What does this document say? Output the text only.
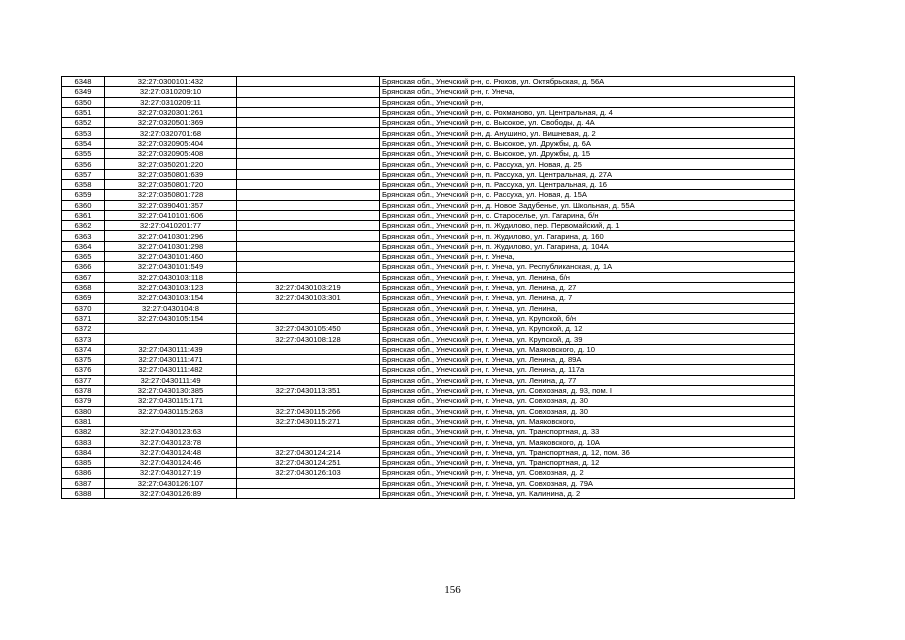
6348	32:27:0300101:432		Брянская обл., Унечский р-н, с. Рюхов, ул. Октябрьская, д. 56А
6349	32:27:0310209:10		Брянская обл., Унечский р-н, г. Унеча,
6350	32:27:0310209:11		Брянская обл., Унечский р-н,
6351	32:27:0320301:261		Брянская обл., Унечский р-н, с. Рохманово, ул. Центральная, д. 4
6352	32:27:0320501:369		Брянская обл., Унечский р-н, с. Высокое, ул. Свободы, д. 4А
6353	32:27:0320701:68		Брянская обл., Унечский р-н, д. Анушино, ул. Вишневая, д. 2
6354	32:27:0320905:404		Брянская обл., Унечский р-н, с. Высокое, ул. Дружбы, д. 6А
6355	32:27:0320905:408		Брянская обл., Унечский р-н, с. Высокое, ул. Дружбы, д. 15
6356	32:27:0350201:220		Брянская обл., Унечский р-н, с. Рассуха, ул. Новая, д. 25
6357	32:27:0350801:639		Брянская обл., Унечский р-н, п. Рассуха, ул. Центральная, д. 27А
6358	32:27:0350801:720		Брянская обл., Унечский р-н, п. Рассуха, ул. Центральная, д. 16
6359	32:27:0350801:728		Брянская обл., Унечский р-н, с. Рассуха, ул. Новая, д. 15А
6360	32:27:0390401:357		Брянская обл., Унечский р-н, д. Новое Задубенье, ул. Школьная, д. 55А
6361	32:27:0410101:606		Брянская обл., Унечский р-н, с. Староселье, ул. Гагарина, б/н
6362	32:27:0410201:77		Брянская обл., Унечский р-н, п. Жудилово, пер. Первомайский, д. 1
6363	32:27:0410301:296		Брянская обл., Унечский р-н, п. Жудилово, ул. Гагарина, д. 160
6364	32:27:0410301:298		Брянская обл., Унечский р-н, п. Жудилово, ул. Гагарина, д. 104А
6365	32:27:0430101:460		Брянская обл., Унечский р-н, г. Унеча,
6366	32:27:0430101:549		Брянская обл., Унечский р-н, г. Унеча, ул. Республиканская, д. 1А
6367	32:27:0430103:118		Брянская обл., Унечский р-н, г. Унеча, ул. Ленина, б/н
6368	32:27:0430103:123	32:27:0430103:219	Брянская обл., Унечский р-н, г. Унеча, ул. Ленина, д. 27
6369	32:27:0430103:154	32:27:0430103:301	Брянская обл., Унечский р-н, г. Унеча, ул. Ленина, д. 7
6370	32:27:0430104:8		Брянская обл., Унечский р-н, г. Унеча, ул. Ленина,
6371	32:27:0430105:154		Брянская обл., Унечский р-н, г. Унеча, ул. Крупской, б/н
6372		32:27:0430105:450	Брянская обл., Унечский р-н, г. Унеча, ул. Крупской, д. 12
6373		32:27:0430108:128	Брянская обл., Унечский р-н, г. Унеча, ул. Крупской, д. 39
6374	32:27:0430111:439		Брянская обл., Унечский р-н, г. Унеча, ул. Маяковского, д. 10
6375	32:27:0430111:471		Брянская обл., Унечский р-н, г. Унеча, ул. Ленина, д. 89А
6376	32:27:0430111:482		Брянская обл., Унечский р-н, г. Унеча, ул. Ленина, д. 117а
6377	32:27:0430111:49		Брянская обл., Унечский р-н, г. Унеча, ул. Ленина, д. 77
6378	32:27:0430130:385	32:27:0430113:351	Брянская обл., Унечский р-н, г. Унеча, ул. Совхозная, д. 93, пом. I
6379	32:27:0430115:171		Брянская обл., Унечский р-н, г. Унеча, ул. Совхозная, д. 30
6380	32:27:0430115:263	32:27:0430115:266	Брянская обл., Унечский р-н, г. Унеча, ул. Совхозная, д. 30
6381		32:27:0430115:271	Брянская обл., Унечский р-н, г. Унеча, ул. Маяковского,
6382	32:27:0430123:63		Брянская обл., Унечский р-н, г. Унеча, ул. Транспортная, д. 33
6383	32:27:0430123:78		Брянская обл., Унечский р-н, г. Унеча, ул. Маяковского, д. 10А
6384	32:27:0430124:48	32:27:0430124:214	Брянская обл., Унечский р-н, г. Унеча, ул. Транспортная, д. 12, пом. 36
6385	32:27:0430124:46	32:27:0430124:251	Брянская обл., Унечский р-н, г. Унеча, ул. Транспортная, д. 12
6386	32:27:0430127:19	32:27:0430126:103	Брянская обл., Унечский р-н, г. Унеча, ул. Совхозная, д. 2
6387	32:27:0430126:107		Брянская обл., Унечский р-н, г. Унеча, ул. Совхозная, д. 79А
6388	32:27:0430126:89		Брянская обл., Унечский р-н, г. Унеча, ул. Калинина, д. 2
156
